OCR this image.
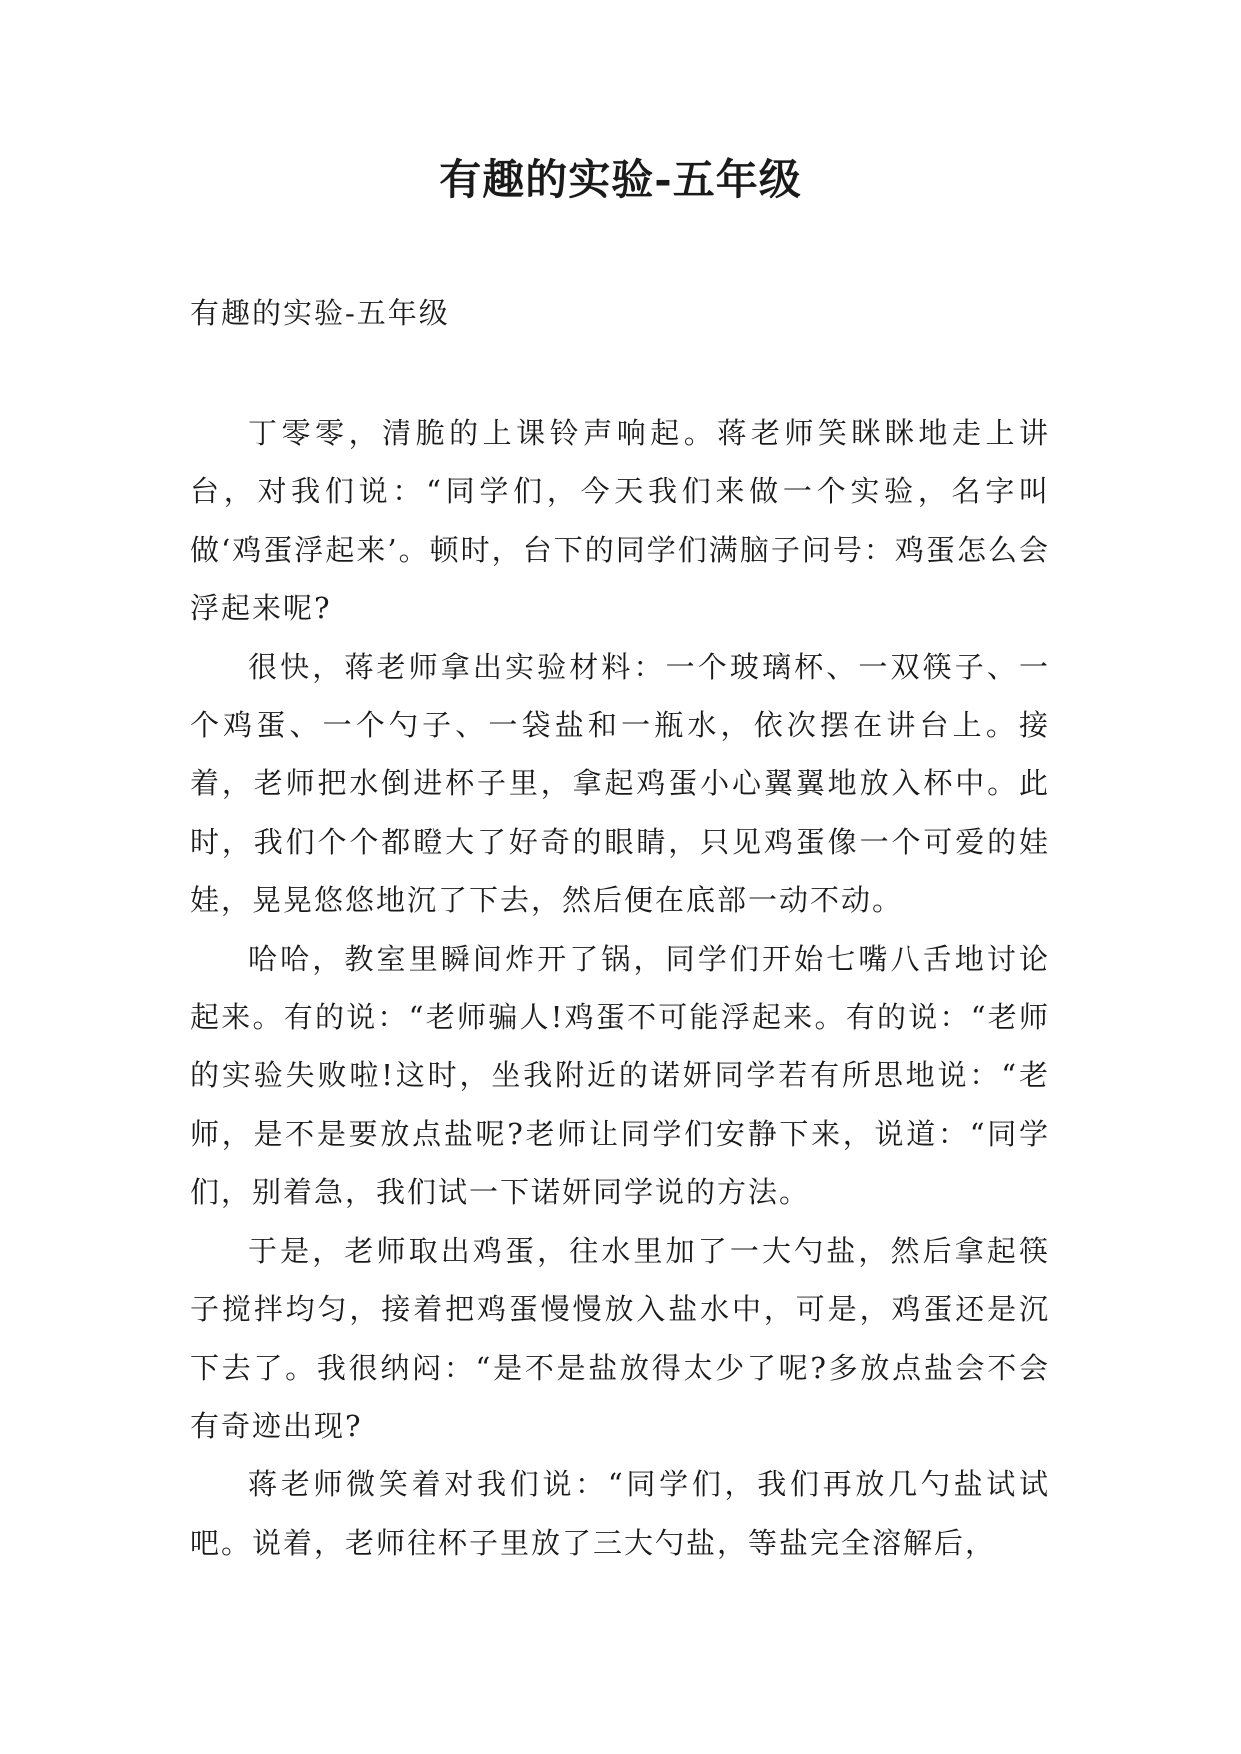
有趣的实验-五年级

有趣的实验-五年级

丁零零，清脆的上课铃声响起。蒋老师笑眯眯地走上讲台，对我们说：“同学们，今天我们来做一个实验，名字叫做‘鸡蛋浮起来’。顿时，台下的同学们满脑子问号：鸡蛋怎么会浮起来呢?

很快，蒋老师拿出实验材料：一个玻璃杯、一双筷子、一个鸡蛋、一个勺子、一袋盐和一瓶水，依次摆在讲台上。接着，老师把水倒进杯子里，拿起鸡蛋小心翼翼地放入杯中。此时，我们个个都瞪大了好奇的眼睛，只见鸡蛋像一个可爱的娃娃，晃晃悠悠地沉了下去，然后便在底部一动不动。

哈哈，教室里瞬间炸开了锅，同学们开始七嘴八舌地讨论起来。有的说：“老师骗人!鸡蛋不可能浮起来。有的说：“老师的实验失败啦!这时，坐我附近的诺妍同学若有所思地说：“老师，是不是要放点盐呢?老师让同学们安静下来，说道：“同学们，别着急，我们试一下诺妍同学说的方法。

于是，老师取出鸡蛋，往水里加了一大勺盐，然后拿起筷子搅拌均匀，接着把鸡蛋慢慢放入盐水中，可是，鸡蛋还是沉下去了。我很纳闷：“是不是盐放得太少了呢?多放点盐会不会有奇迹出现?

蒋老师微笑着对我们说：“同学们，我们再放几勺盐试试吧。说着，老师往杯子里放了三大勺盐，等盐完全溶解后，
